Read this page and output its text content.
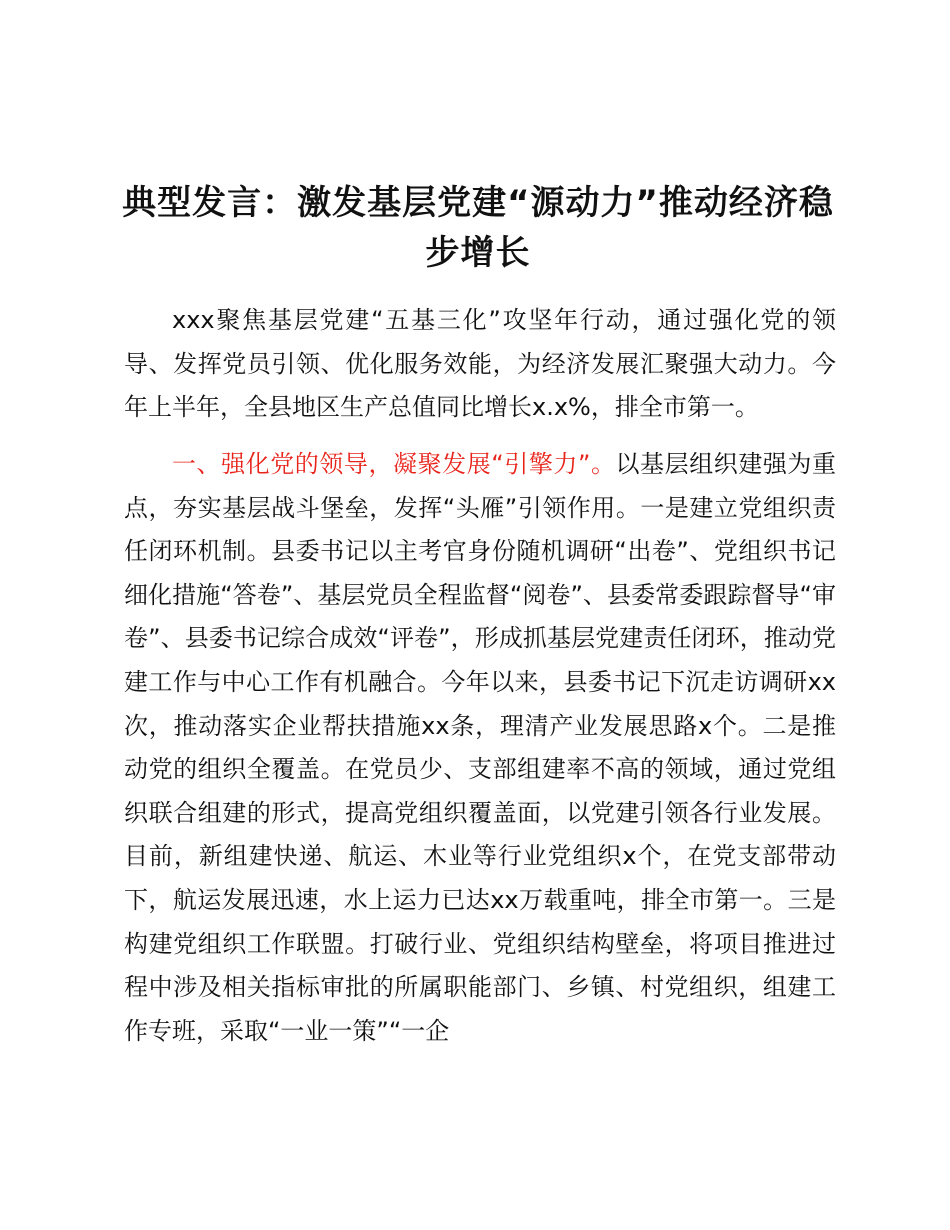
典型发言：激发基层党建“源动力”推动经济稳步增长

xxx聚焦基层党建“五基三化”攻坚年行动，通过强化党的领导、发挥党员引领、优化服务效能，为经济发展汇聚强大动力。今年上半年，全县地区生产总值同比增长x.x%，排全市第一。

一、强化党的领导，凝聚发展“引擎力”。以基层组织建强为重点，夯实基层战斗堡垒，发挥“头雁”引领作用。一是建立党组织责任闭环机制。县委书记以主考官身份随机调研“出卷”、党组织书记细化措施“答卷”、基层党员全程监督“阅卷”、县委常委跟踪督导“审卷”、县委书记综合成效“评卷”，形成抓基层党建责任闭环，推动党建工作与中心工作有机融合。今年以来，县委书记下沉走访调研xx次，推动落实企业帮扶措施xx条，理清产业发展思路x个。二是推动党的组织全覆盖。在党员少、支部组建率不高的领域，通过党组织联合组建的形式，提高党组织覆盖面，以党建引领各行业发展。目前，新组建快递、航运、木业等行业党组织x个，在党支部带动下，航运发展迅速，水上运力已达xx万载重吨，排全市第一。三是构建党组织工作联盟。打破行业、党组织结构壁垒，将项目推进过程中涉及相关指标审批的所属职能部门、乡镇、村党组织，组建工作专班，采取“一业一策”“一企
